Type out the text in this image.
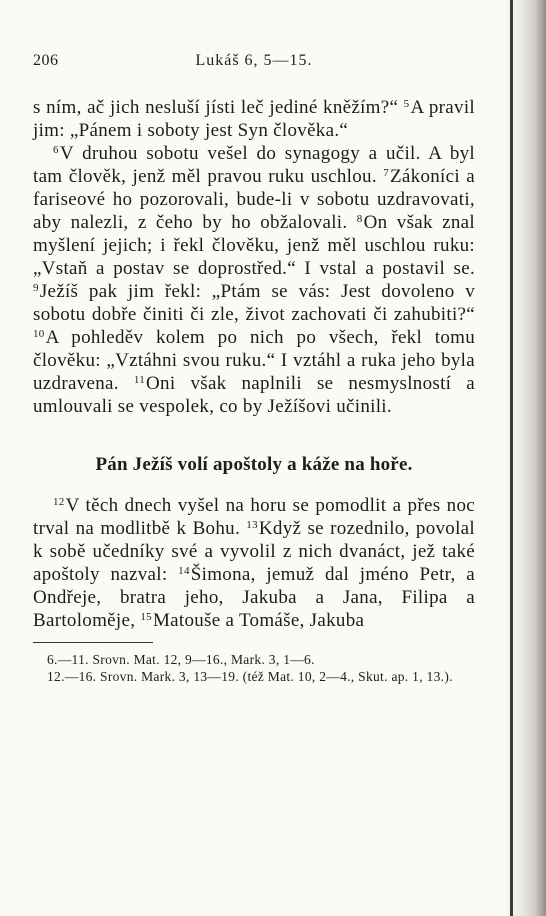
206	Lukáš 6, 5—15.

s ním, ač jich nesluší jísti leč jediné kněžím?“ $^5$A pravil jim: „Pánem i soboty jest Syn člověka.“

$^6$V druhou sobotu vešel do synagogy a učil. A byl tam člověk, jenž měl pravou ruku uschlou. $^7$Zákoníci a fariseové ho pozorovali, bude-li v sobotu uzdravovati, aby nalezli, z čeho by ho obžalovali. $^8$On však znal myšlení jejich; i řekl člověku, jenž měl uschlou ruku: „Vstaň a postav se doprostřed.“ I vstal a postavil se. $^9$Ježíš pak jim řekl: „Ptám se vás: Jest dovoleno v sobotu dobře činiti či zle, život zachovati či zahubiti?“ $^{10}$A pohleděv kolem po nich po všech, řekl tomu člověku: „Vztáhni svou ruku.“ I vztáhl a ruka jeho byla uzdravena. $^{11}$Oni však naplnili se nesmyslností a umlouvali se vespolek, co by Ježíšovi učinili.

Pán Ježíš volí apoštoly a káže na hoře.

$^{12}$V těch dnech vyšel na horu se pomodlit a přes noc trval na modlitbě k Bohu. $^{13}$Když se rozednilo, povolal k sobě učedníky své a vyvolil z nich dvanáct, jež také apoštoly nazval: $^{14}$Šimona, jemuž dal jméno Petr, a Ondřeje, bratra jeho, Jakuba a Jana, Filipa a Bartoloměje, $^{15}$Matouše a Tomáše, Jakuba

6.—11. Srovn. Mat. 12, 9—16., Mark. 3, 1—6.

12.—16. Srovn. Mark. 3, 13—19. (též Mat. 10, 2—4., Skut. ap. 1, 13.).
